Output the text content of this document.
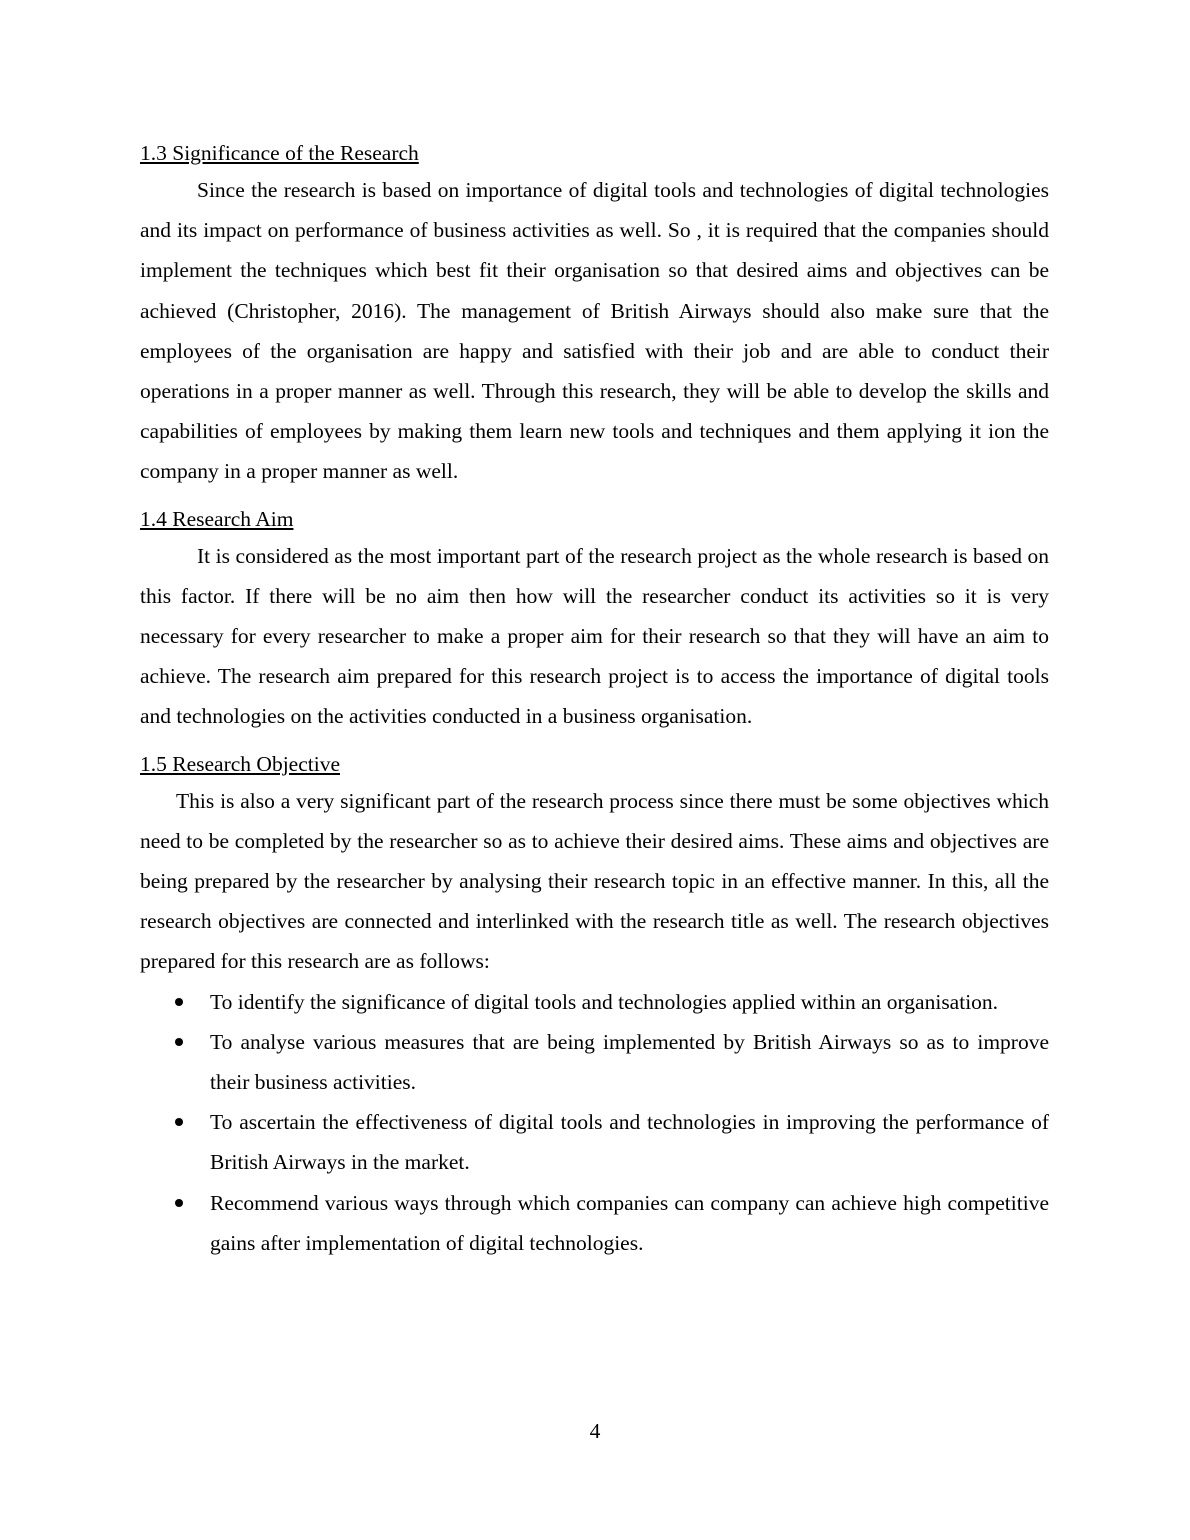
1.3 Significance of the Research

Since the research is based on importance of digital tools and technologies of digital technologies and its impact on performance of business activities as well. So , it is required that the companies should implement the techniques which best fit their organisation so that desired aims and objectives can be achieved (Christopher, 2016). The management of British Airways should also make sure that the employees of the organisation are happy and satisfied with their job and are able to conduct their operations in a proper manner as well. Through this research, they will be able to develop the skills and capabilities of employees by making them learn new tools and techniques and them applying it ion the company in a proper manner as well.

1.4 Research Aim

It is considered as the most important part of the research project as the whole research is based on this factor. If there will be no aim then how will the researcher conduct its activities so it is very necessary for every researcher to make a proper aim for their research so that they will have an aim to achieve. The research aim prepared for this research project is to access the importance of digital tools and technologies on the activities conducted in a business organisation.

1.5 Research Objective

This is also a very significant part of the research process since there must be some objectives which need to be completed by the researcher so as to achieve their desired aims. These aims and objectives are being prepared by the researcher by analysing their research topic in an effective manner. In this, all the research objectives are connected and interlinked with the research title as well. The research objectives prepared for this research are as follows:

To identify the significance of digital tools and technologies applied within an organisation.
To analyse various measures that are being implemented by British Airways so as to improve their business activities.
To ascertain the effectiveness of digital tools and technologies in improving the performance of British Airways in the market.
Recommend various ways through which companies can company can achieve high competitive gains after implementation of digital technologies.
4
